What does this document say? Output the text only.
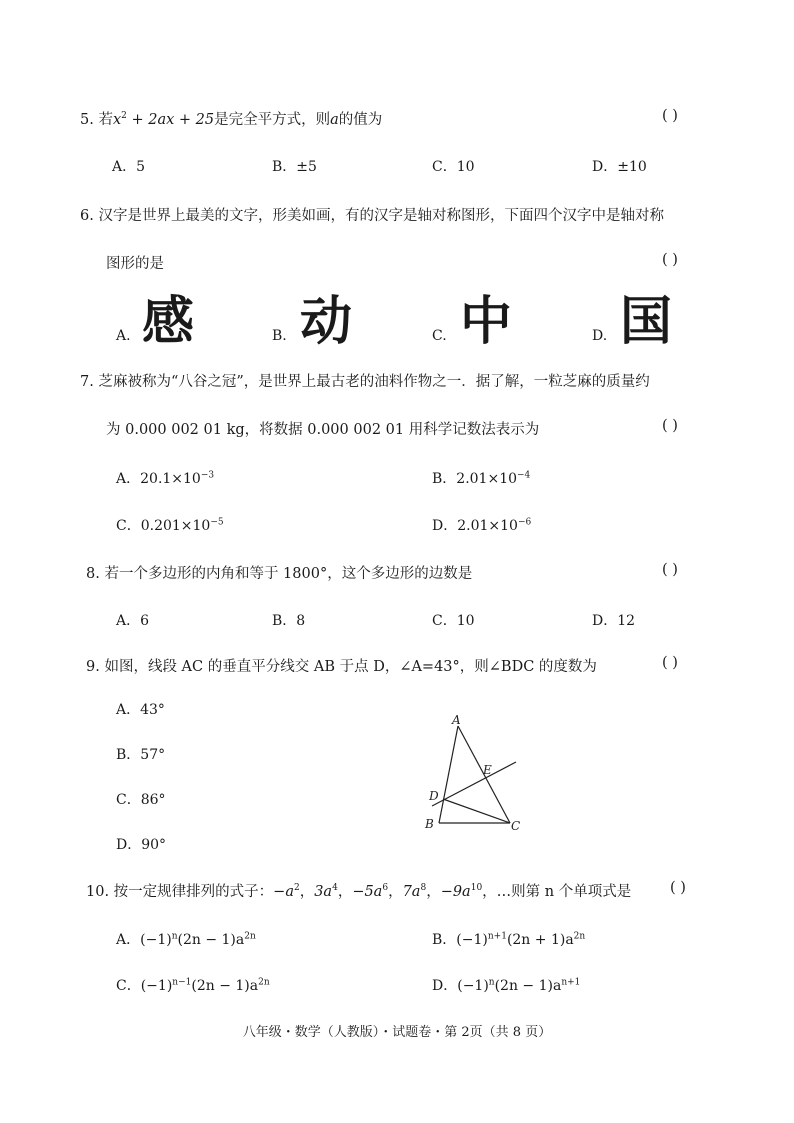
5. 若$x^2 + 2ax + 25$是完全平方式，则a的值为	( )
A．5	B．±5	C．10	D．±10
6. 汉字是世界上最美的文字，形美如画，有的汉字是轴对称图形，下面四个汉字中是轴对称
图形的是	( )
A. 感	B. 动	C. 中	D. 国
7. 芝麻被称为“八谷之冠”，是世界上最古老的油料作物之一．据了解，一粒芝麻的质量约
为 0.000 002 01 kg，将数据 0.000 002 01 用科学记数法表示为	( )
A．$20.1\times 10^{-3}$	B．$2.01\times 10^{-4}$
C．$0.201\times 10^{-5}$	D．$2.01\times 10^{-6}$
8. 若一个多边形的内角和等于 1800°，这个多边形的边数是	( )
A．6	B．8	C．10	D．12
9. 如图，线段 AC 的垂直平分线交 AB 于点 D，∠A=43°，则∠BDC 的度数为	( )
A．43°
B．57°
C．86°
D．90°
A
E
D
B	C
10. 按一定规律排列的式子：$-a^2$，$3a^4$，$-5a^6$，$7a^8$，$-9a^{10}$，…则第 n 个单项式是	( )
A．$(-1)^n(2n - 1)a^{2n}$	B．$(-1)^{n+1}(2n + 1)a^{2n}$
C．$(-1)^{n-1}(2n - 1)a^{2n}$	D．$(-1)^n(2n - 1)a^{n+1}$
八年级・数学（人教版）・试题卷・第 2页（共 8 页）
